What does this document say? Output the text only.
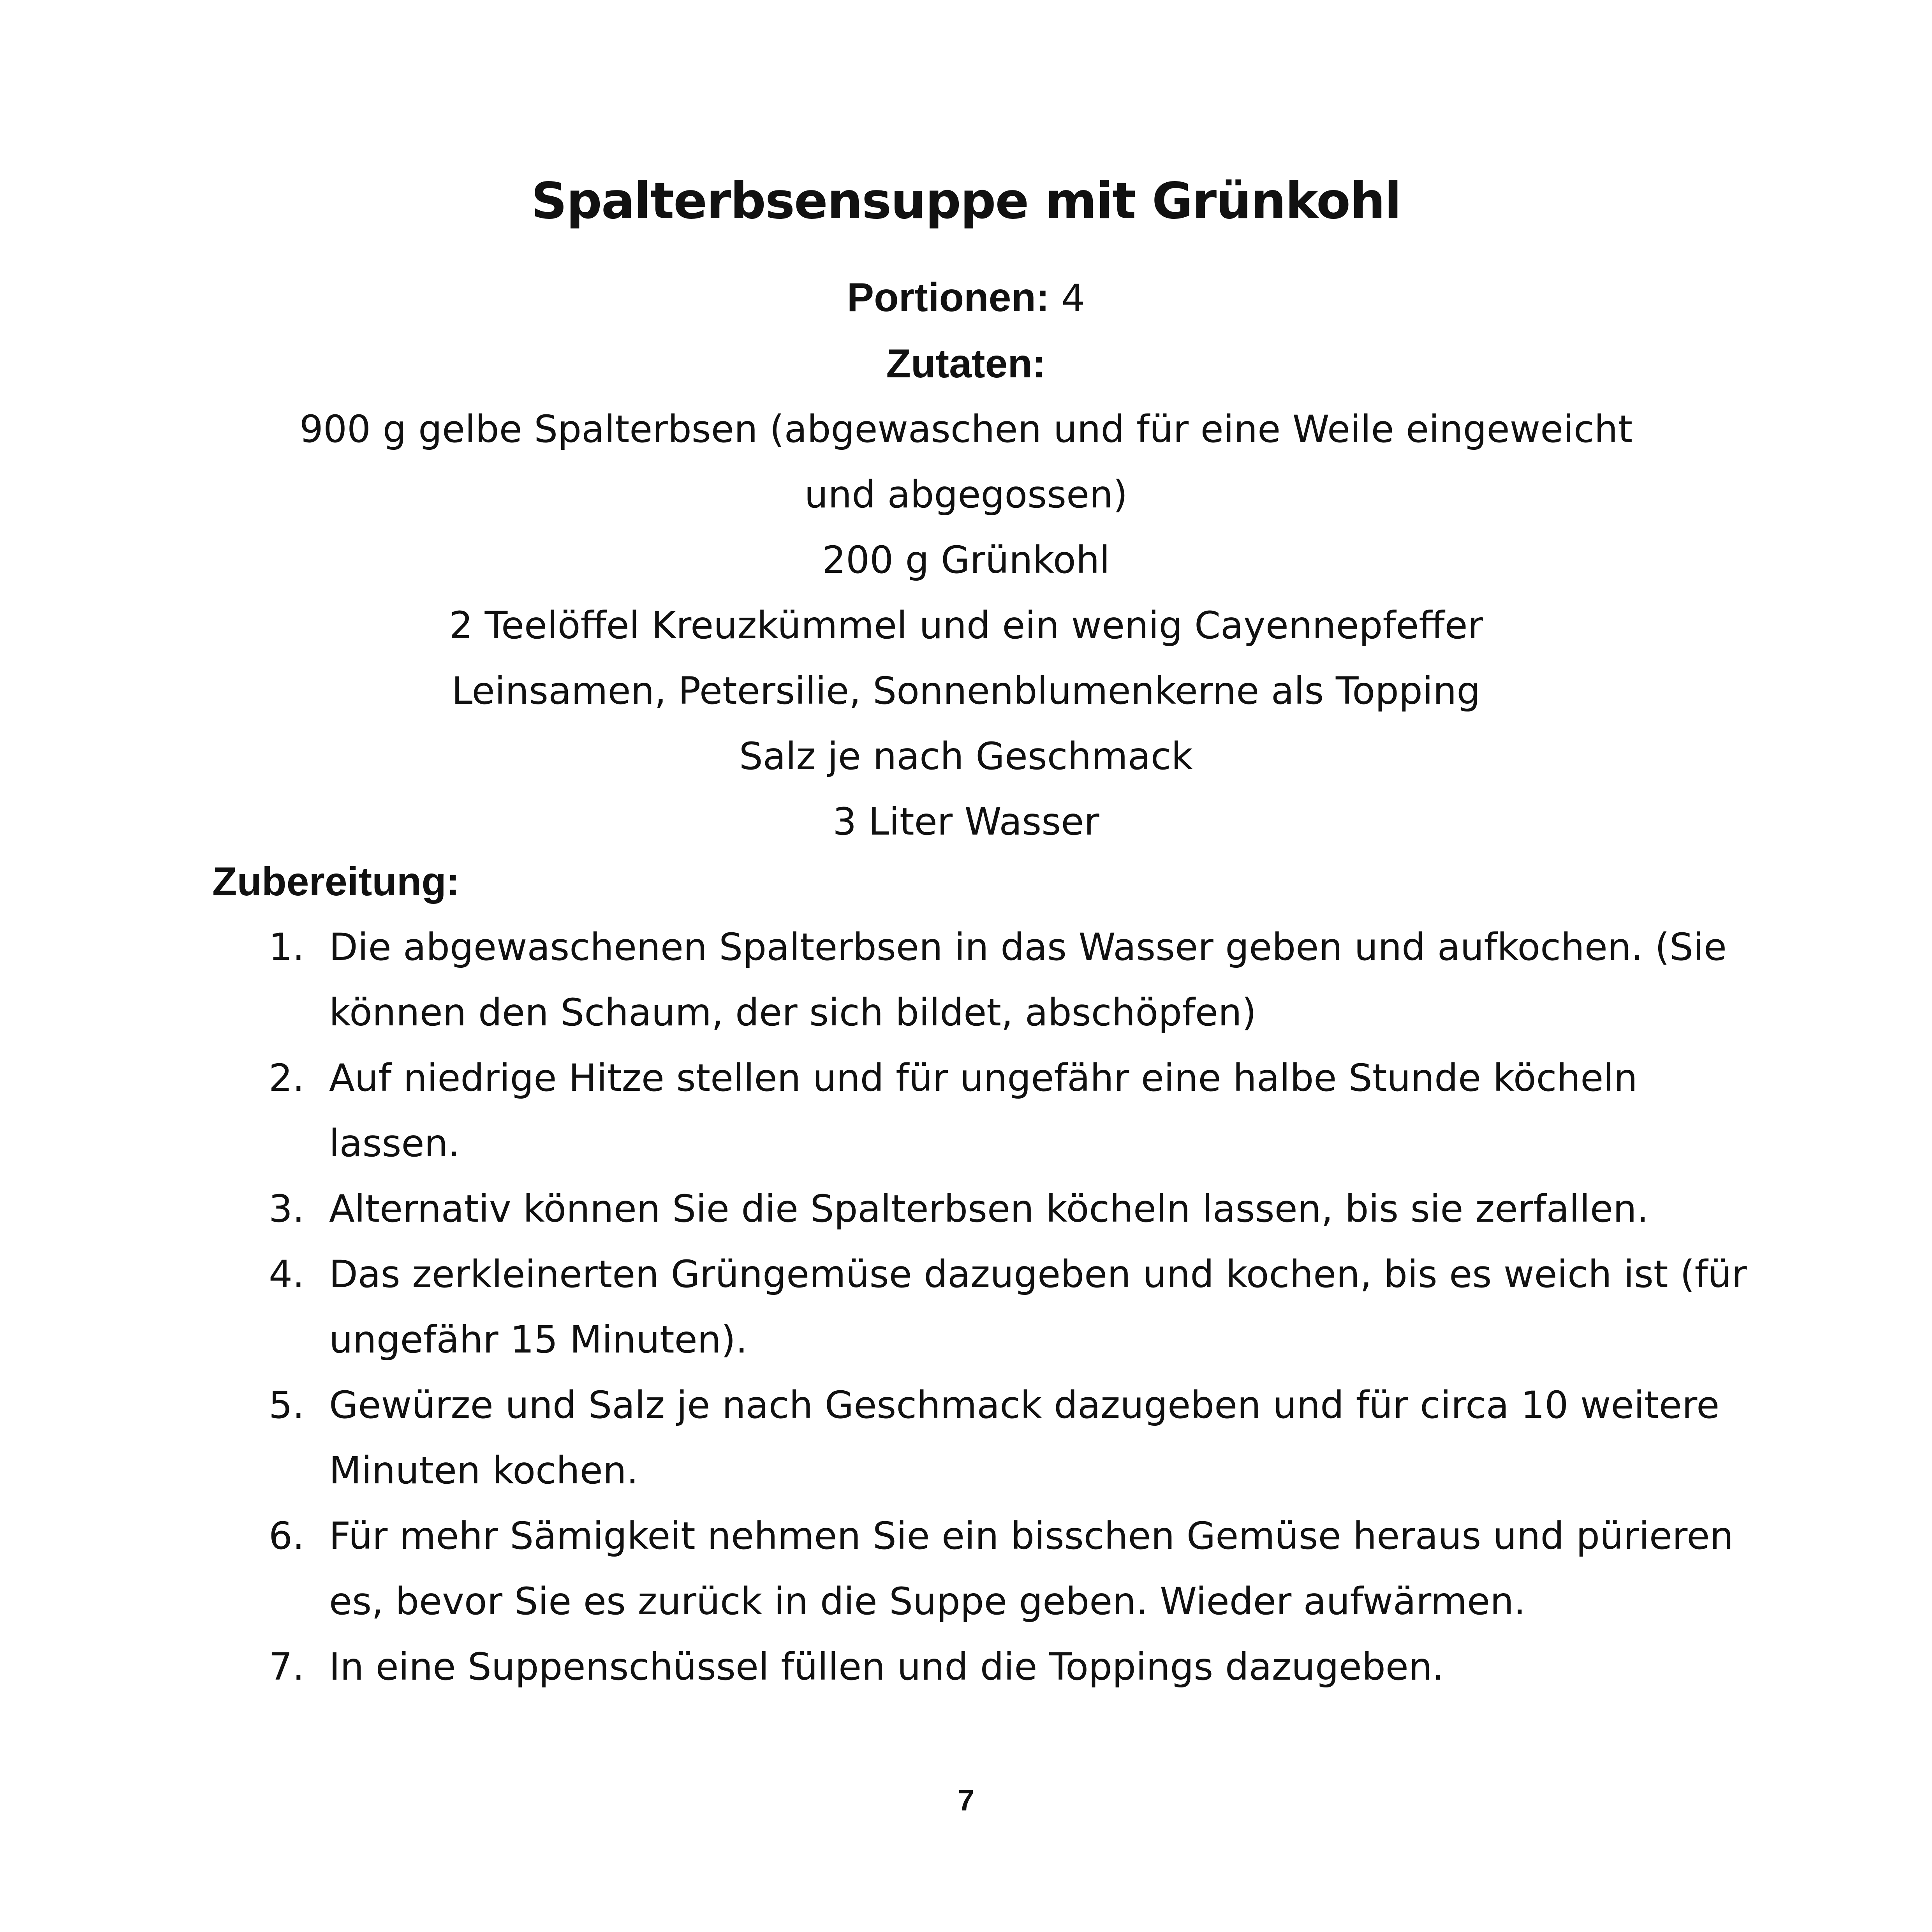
Spalterbsensuppe mit Grünkohl

Portionen: 4

Zutaten:

900 g gelbe Spalterbsen (abgewaschen und für eine Weile eingeweicht und abgegossen)

200 g Grünkohl

2 Teelöffel Kreuzkümmel und ein wenig Cayennepfeffer

Leinsamen, Petersilie, Sonnenblumenkerne als Topping

Salz je nach Geschmack

3 Liter Wasser

Zubereitung:

1. Die abgewaschenen Spalterbsen in das Wasser geben und aufkochen. (Sie können den Schaum, der sich bildet, abschöpfen)
2. Auf niedrige Hitze stellen und für ungefähr eine halbe Stunde köcheln lassen.
3. Alternativ können Sie die Spalterbsen köcheln lassen, bis sie zerfallen.
4. Das zerkleinerten Grüngemüse dazugeben und kochen, bis es weich ist (für ungefähr 15 Minuten).
5. Gewürze und Salz je nach Geschmack dazugeben und für circa 10 weitere Minuten kochen.
6. Für mehr Sämigkeit nehmen Sie ein bisschen Gemüse heraus und pürieren es, bevor Sie es zurück in die Suppe geben. Wieder aufwärmen.
7. In eine Suppenschüssel füllen und die Toppings dazugeben.
7
